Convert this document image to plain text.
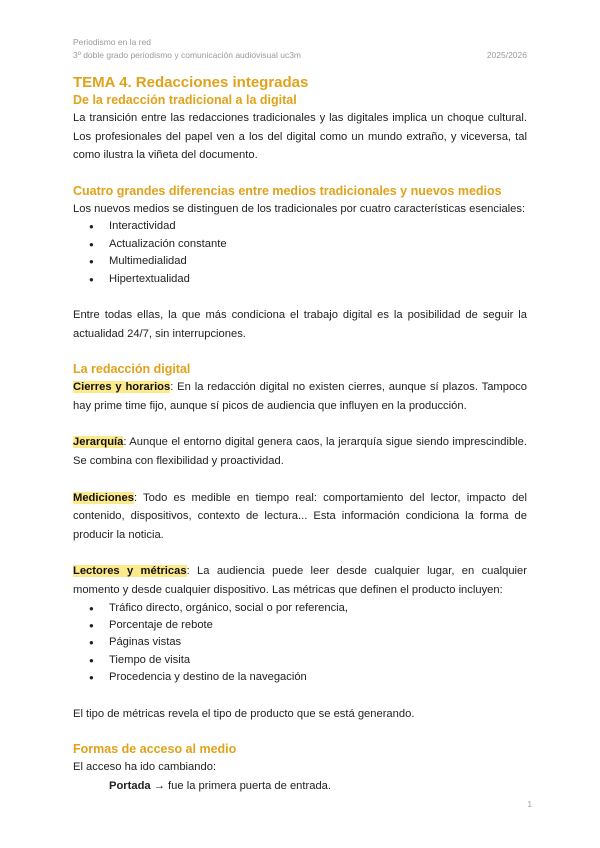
Periodismo en la red
3º doble grado periodismo y comunicación audiovisual uc3m	2025/2026
TEMA 4. Redacciones integradas
De la redacción tradicional a la digital

La transición entre las redacciones tradicionales y las digitales implica un choque cultural. Los profesionales del papel ven a los del digital como un mundo extraño, y viceversa, tal como ilustra la viñeta del documento.

Cuatro grandes diferencias entre medios tradicionales y nuevos medios

Los nuevos medios se distinguen de los tradicionales por cuatro características esenciales:

● Interactividad
● Actualización constante
● Multimedialidad
● Hipertextualidad

Entre todas ellas, la que más condiciona el trabajo digital es la posibilidad de seguir la actualidad 24/7, sin interrupciones.

La redacción digital

Cierres y horarios: En la redacción digital no existen cierres, aunque sí plazos. Tampoco hay prime time fijo, aunque sí picos de audiencia que influyen en la producción.

Jerarquía: Aunque el entorno digital genera caos, la jerarquía sigue siendo imprescindible. Se combina con flexibilidad y proactividad.

Mediciones: Todo es medible en tiempo real: comportamiento del lector, impacto del contenido, dispositivos, contexto de lectura... Esta información condiciona la forma de producir la noticia.

Lectores y métricas: La audiencia puede leer desde cualquier lugar, en cualquier momento y desde cualquier dispositivo. Las métricas que definen el producto incluyen:

● Tráfico directo, orgánico, social o por referencia,
● Porcentaje de rebote
● Páginas vistas
● Tiempo de visita
● Procedencia y destino de la navegación

El tipo de métricas revela el tipo de producto que se está generando.

Formas de acceso al medio

El acceso ha ido cambiando:

Portada → fue la primera puerta de entrada.

1
